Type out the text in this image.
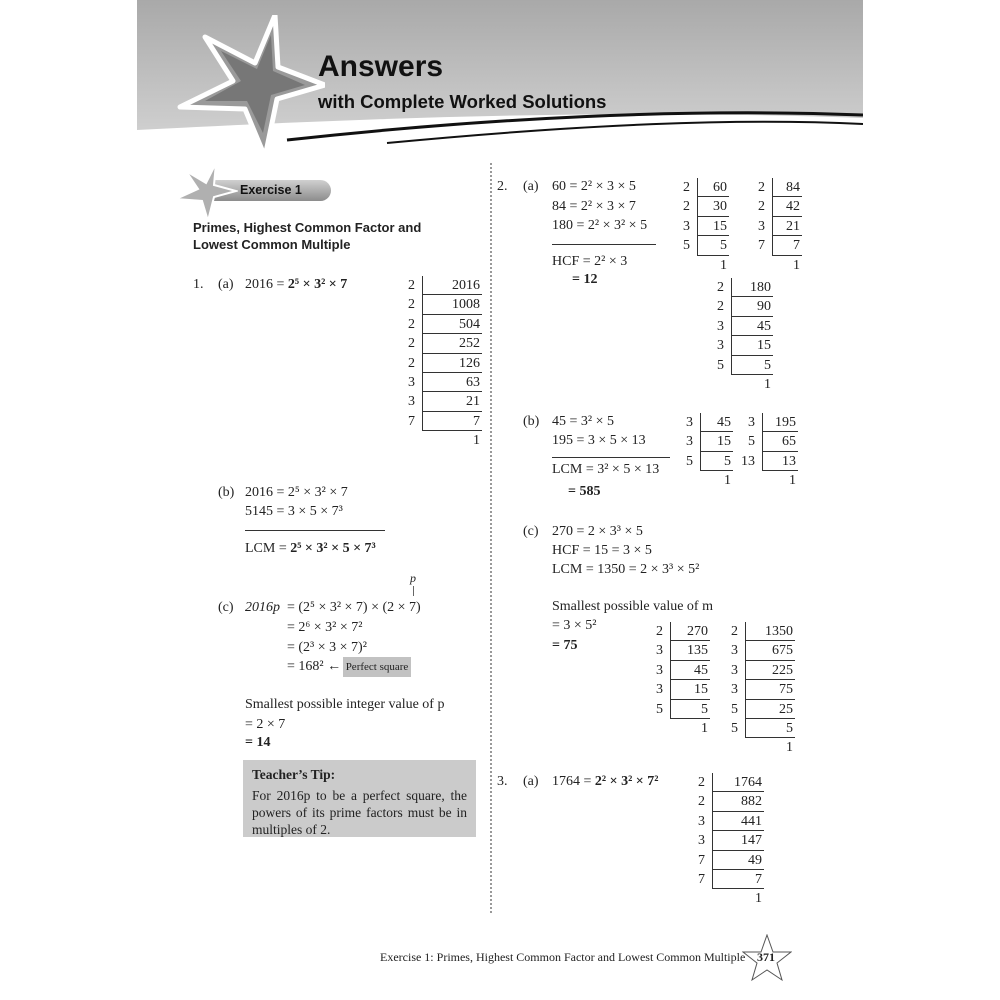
Answers
with Complete Worked Solutions
Exercise 1
Primes, Highest Common Factor and
Lowest Common Multiple
1. (a) 2016 = 2⁵ × 3² × 7	2	2016
2	1008
2	504
2	252
2	126
3	63
3	21
7	7
1
(b) 2016 = 2⁵ × 3² × 7
5145 = 3 × 5 × 7³
LCM = 2⁵ × 3² × 5 × 7³
p
(c) 2016p = (2⁵ × 3² × 7) × (2 × 7)
= 2⁶ × 3² × 7²
= (2³ × 3 × 7)²
= 168² ← Perfect square
Smallest possible integer value of p
= 2 × 7
= 14
Teacher’s Tip:
For 2016p to be a perfect square, the powers of its prime factors must be in multiples of 2.
2. (a) 60 = 2² × 3 × 5
84 = 2² × 3 × 7
180 = 2² × 3² × 5
HCF = 2² × 3
= 12
2	60
2	30
3	15
5	5
1
2	84
2	42
3	21
7	7
1
2	180
2	90
3	45
3	15
5	5
1
(b) 45 = 3² × 5
195 = 3 × 5 × 13
LCM = 3² × 5 × 13
= 585
3	45
3	15
5	5
1
3	195
5	65
13	13
1
(c) 270 = 2 × 3³ × 5
HCF = 15 = 3 × 5
LCM = 1350 = 2 × 3³ × 5²
Smallest possible value of m
= 3 × 5²
= 75
2	270
3	135
3	45
3	15
5	5
1
2	1350
3	675
3	225
3	75
5	25
5	5
1
3. (a) 1764 = 2² × 3² × 7²	2	1764
2	882
3	441
3	147
7	49
7	7
1
Exercise 1: Primes, Highest Common Factor and Lowest Common Multiple 371
